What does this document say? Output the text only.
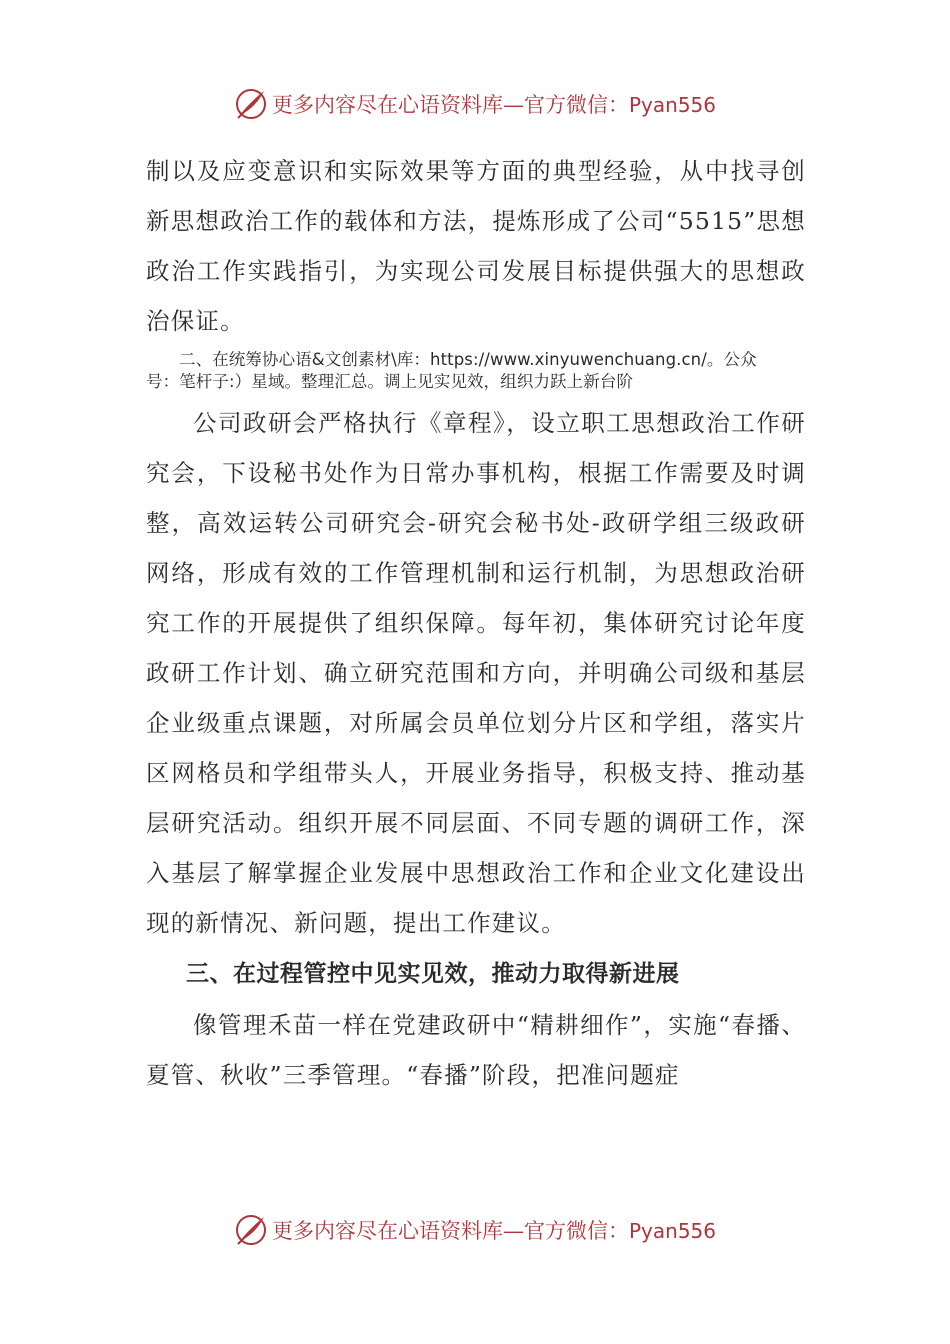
更多内容尽在心语资料库 — 官方微信： Pyan556

制以及应变意识和实际效果等方面的典型经验，从中找寻创新思想政治工作的载体和方法，提炼形成了公司“5515”思想政治工作实践指引，为实现公司发展目标提供强大的思想政治保证。

二、在统筹协心语&文创素材\库：https://www.xinyuwenchuang.cn/。公众
号：笔杆子:）星域。整理汇总。调上见实见效，组织力跃上新台阶

公司政研会严格执行《章程》，设立职工思想政治工作研究会，下设秘书处作为日常办事机构，根据工作需要及时调整，高效运转公司研究会-研究会秘书处-政研学组三级政研网络，形成有效的工作管理机制和运行机制，为思想政治研究工作的开展提供了组织保障。每年初，集体研究讨论年度政研工作计划、确立研究范围和方向，并明确公司级和基层企业级重点课题，对所属会员单位划分片区和学组，落实片区网格员和学组带头人，开展业务指导，积极支持、推动基层研究活动。组织开展不同层面、不同专题的调研工作，深入基层了解掌握企业发展中思想政治工作和企业文化建设出现的新情况、新问题，提出工作建议。

三、在过程管控中见实见效，推动力取得新进展

像管理禾苗一样在党建政研中“精耕细作”，实施“春播、夏管、秋收”三季管理。“春播”阶段，把准问题症

更多内容尽在心语资料库 — 官方微信： Pyan556
